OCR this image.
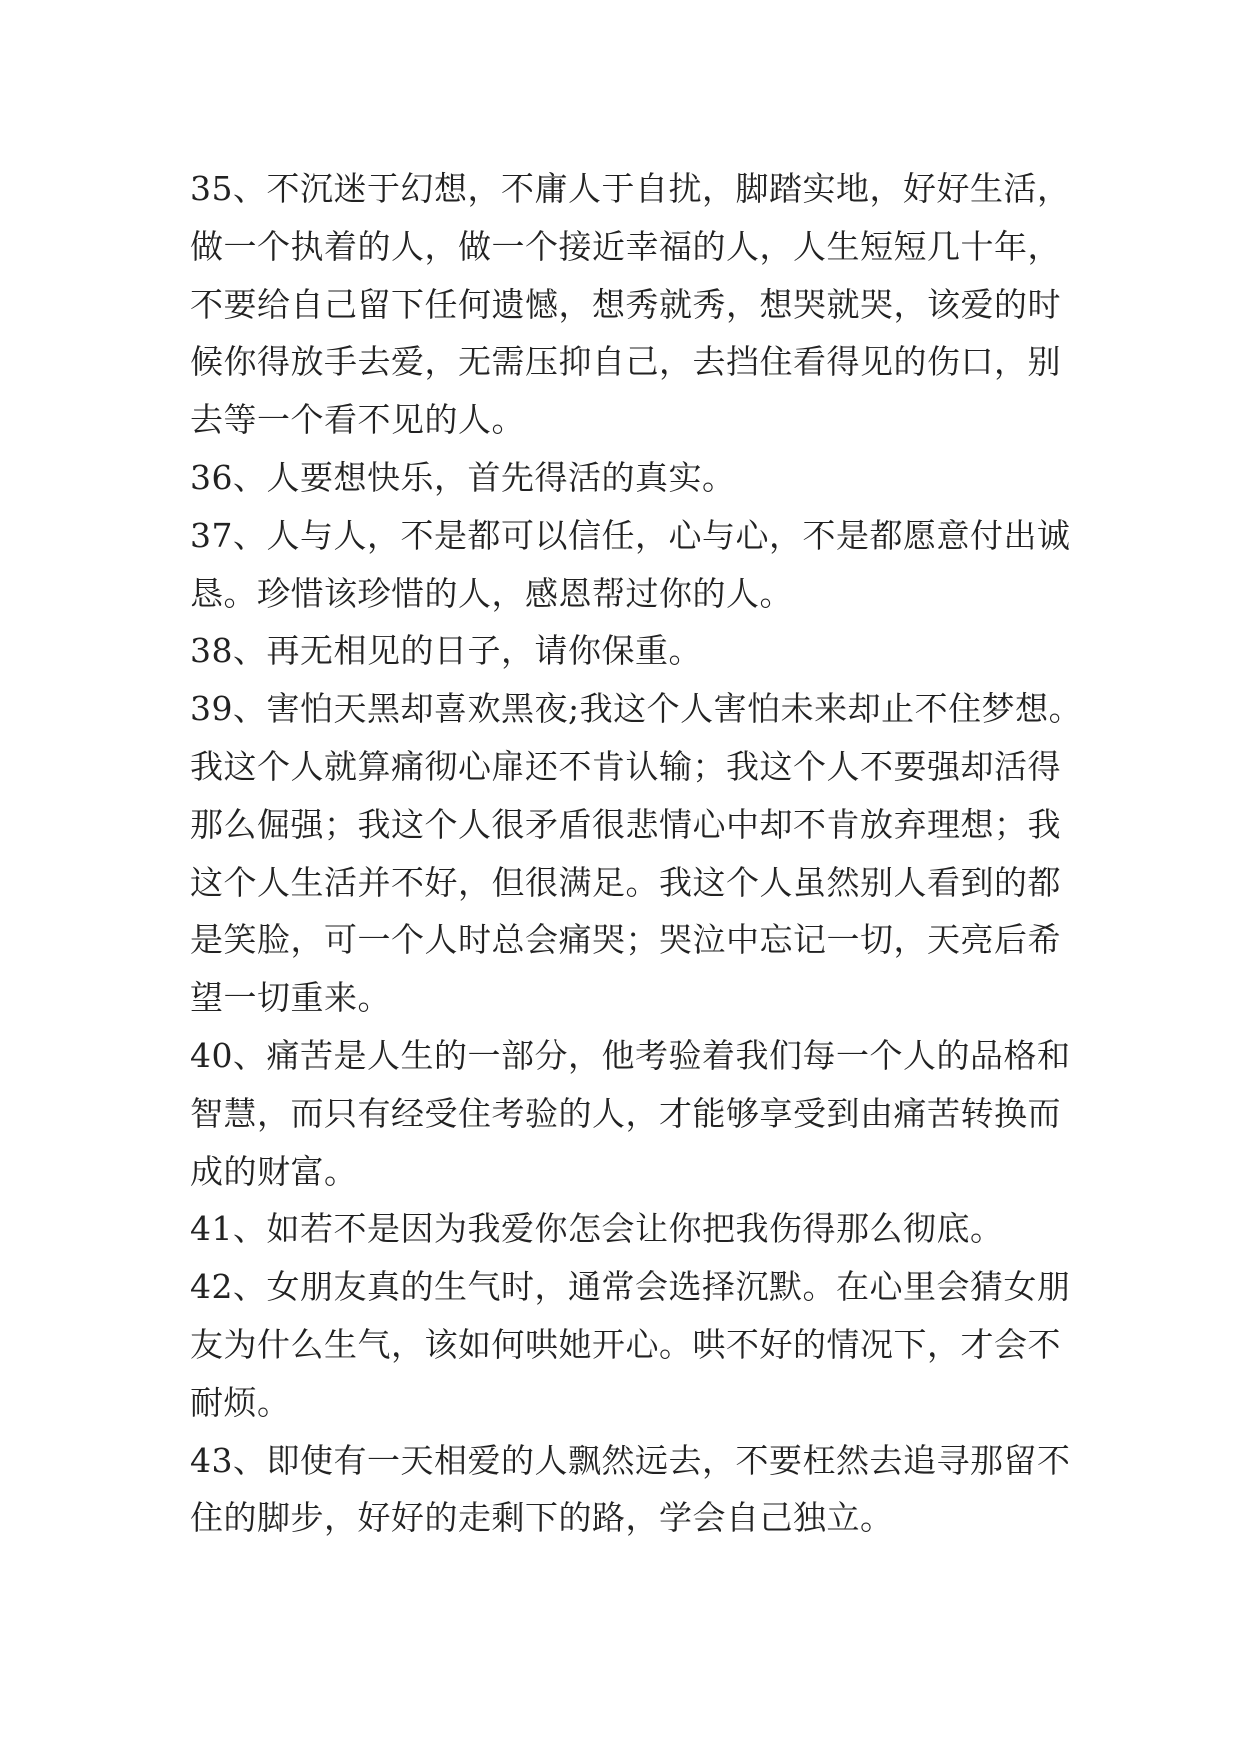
35、不沉迷于幻想，不庸人于自扰，脚踏实地，好好生活，
做一个执着的人，做一个接近幸福的人，人生短短几十年，
不要给自己留下任何遗憾，想秀就秀，想哭就哭，该爱的时
候你得放手去爱，无需压抑自己，去挡住看得见的伤口，别
去等一个看不见的人。
36、人要想快乐，首先得活的真实。
37、人与人，不是都可以信任，心与心，不是都愿意付出诚
恳。珍惜该珍惜的人，感恩帮过你的人。
38、再无相见的日子，请你保重。
39、害怕天黑却喜欢黑夜;我这个人害怕未来却止不住梦想。
我这个人就算痛彻心扉还不肯认输；我这个人不要强却活得
那么倔强；我这个人很矛盾很悲情心中却不肯放弃理想；我
这个人生活并不好，但很满足。我这个人虽然别人看到的都
是笑脸，可一个人时总会痛哭；哭泣中忘记一切，天亮后希
望一切重来。
40、痛苦是人生的一部分，他考验着我们每一个人的品格和
智慧，而只有经受住考验的人，才能够享受到由痛苦转换而
成的财富。
41、如若不是因为我爱你怎会让你把我伤得那么彻底。
42、女朋友真的生气时，通常会选择沉默。在心里会猜女朋
友为什么生气，该如何哄她开心。哄不好的情况下，才会不
耐烦。
43、即使有一天相爱的人飘然远去，不要枉然去追寻那留不
住的脚步，好好的走剩下的路，学会自己独立。
